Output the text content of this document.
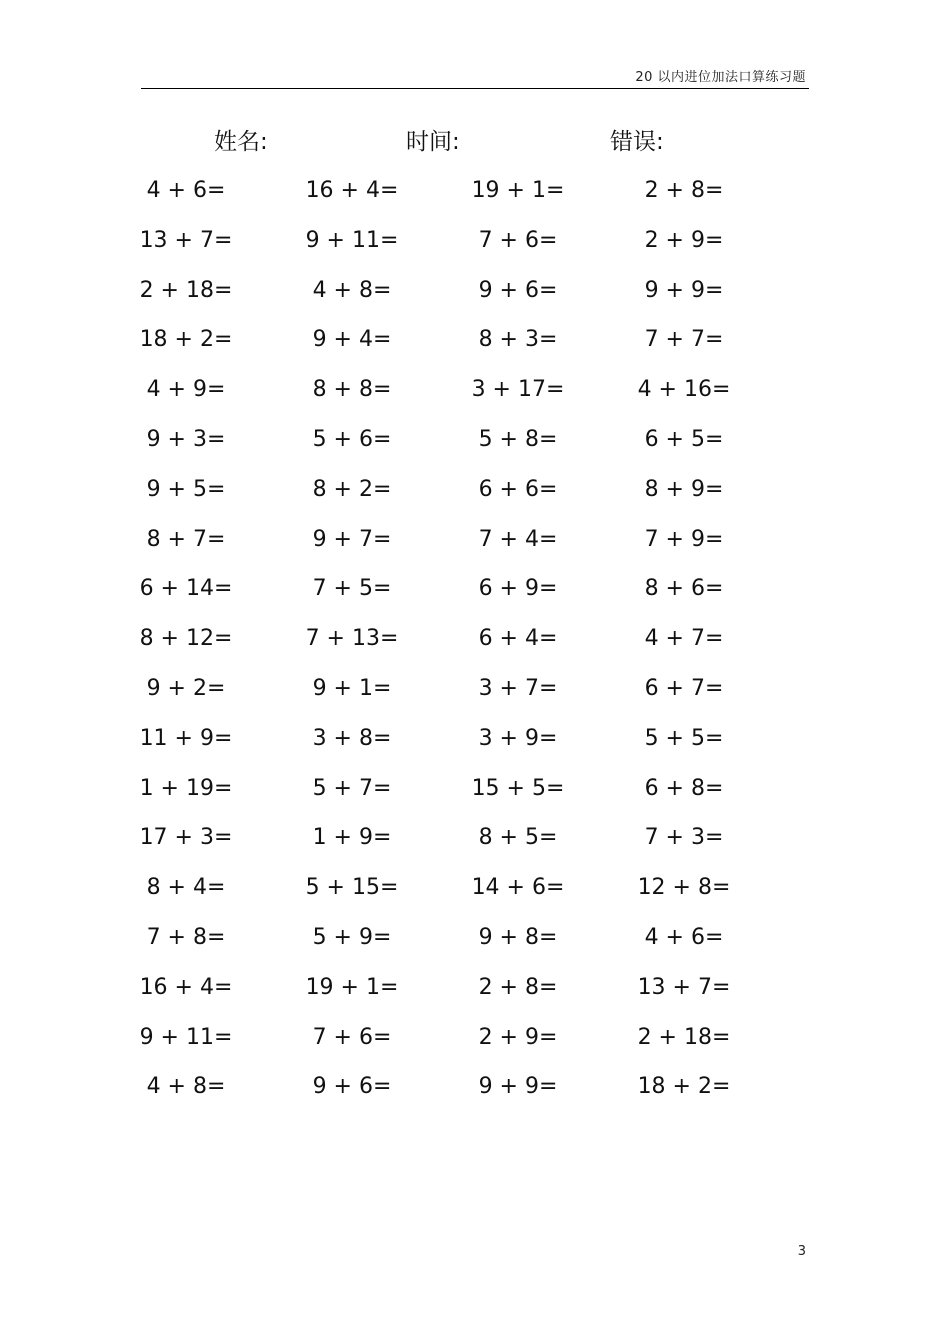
20 以内进位加法口算练习题
姓名:	时间:	错误:
4 + 6=	16 + 4=	19 + 1=	2 + 8=
13 + 7=	9 + 11=	7 + 6=	2 + 9=
2 + 18=	4 + 8=	9 + 6=	9 + 9=
18 + 2=	9 + 4=	8 + 3=	7 + 7=
4 + 9=	8 + 8=	3 + 17=	4 + 16=
9 + 3=	5 + 6=	5 + 8=	6 + 5=
9 + 5=	8 + 2=	6 + 6=	8 + 9=
8 + 7=	9 + 7=	7 + 4=	7 + 9=
6 + 14=	7 + 5=	6 + 9=	8 + 6=
8 + 12=	7 + 13=	6 + 4=	4 + 7=
9 + 2=	9 + 1=	3 + 7=	6 + 7=
11 + 9=	3 + 8=	3 + 9=	5 + 5=
1 + 19=	5 + 7=	15 + 5=	6 + 8=
17 + 3=	1 + 9=	8 + 5=	7 + 3=
8 + 4=	5 + 15=	14 + 6=	12 + 8=
7 + 8=	5 + 9=	9 + 8=	4 + 6=
16 + 4=	19 + 1=	2 + 8=	13 + 7=
9 + 11=	7 + 6=	2 + 9=	2 + 18=
4 + 8=	9 + 6=	9 + 9=	18 + 2=
3
